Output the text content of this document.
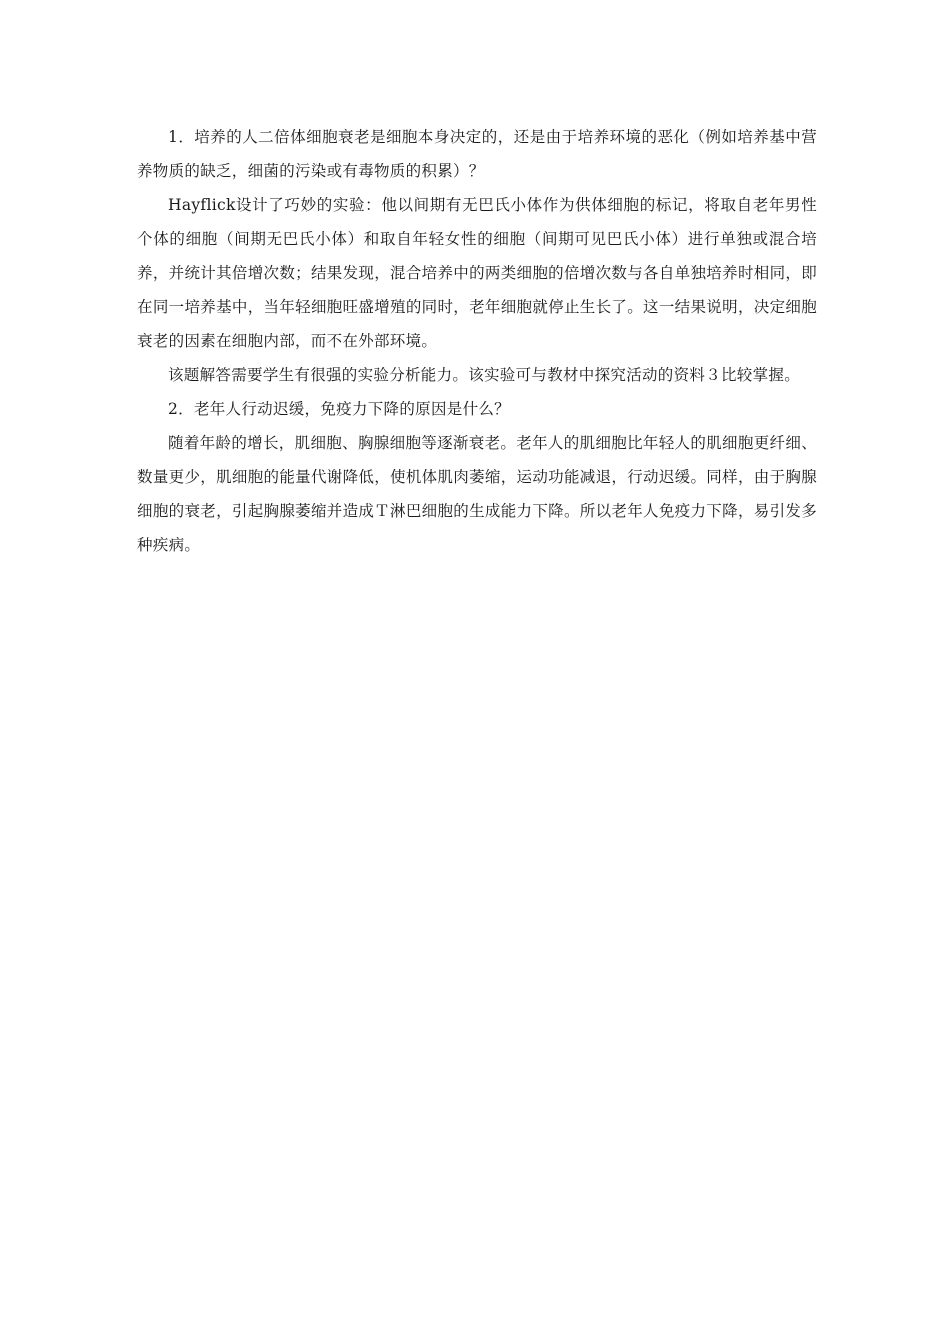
1．培养的人二倍体细胞衰老是细胞本身决定的，还是由于培养环境的恶化（例如培养基中营养物质的缺乏，细菌的污染或有毒物质的积累）？

Hayflick设计了巧妙的实验：他以间期有无巴氏小体作为供体细胞的标记，将取自老年男性个体的细胞（间期无巴氏小体）和取自年轻女性的细胞（间期可见巴氏小体）进行单独或混合培养，并统计其倍增次数；结果发现，混合培养中的两类细胞的倍增次数与各自单独培养时相同，即在同一培养基中，当年轻细胞旺盛增殖的同时，老年细胞就停止生长了。这一结果说明，决定细胞衰老的因素在细胞内部，而不在外部环境。

该题解答需要学生有很强的实验分析能力。该实验可与教材中探究活动的资料３比较掌握。

2．老年人行动迟缓，免疫力下降的原因是什么？

随着年龄的增长，肌细胞、胸腺细胞等逐渐衰老。老年人的肌细胞比年轻人的肌细胞更纤细、数量更少，肌细胞的能量代谢降低，使机体肌肉萎缩，运动功能减退，行动迟缓。同样，由于胸腺细胞的衰老，引起胸腺萎缩并造成Ｔ淋巴细胞的生成能力下降。所以老年人免疫力下降，易引发多种疾病。
